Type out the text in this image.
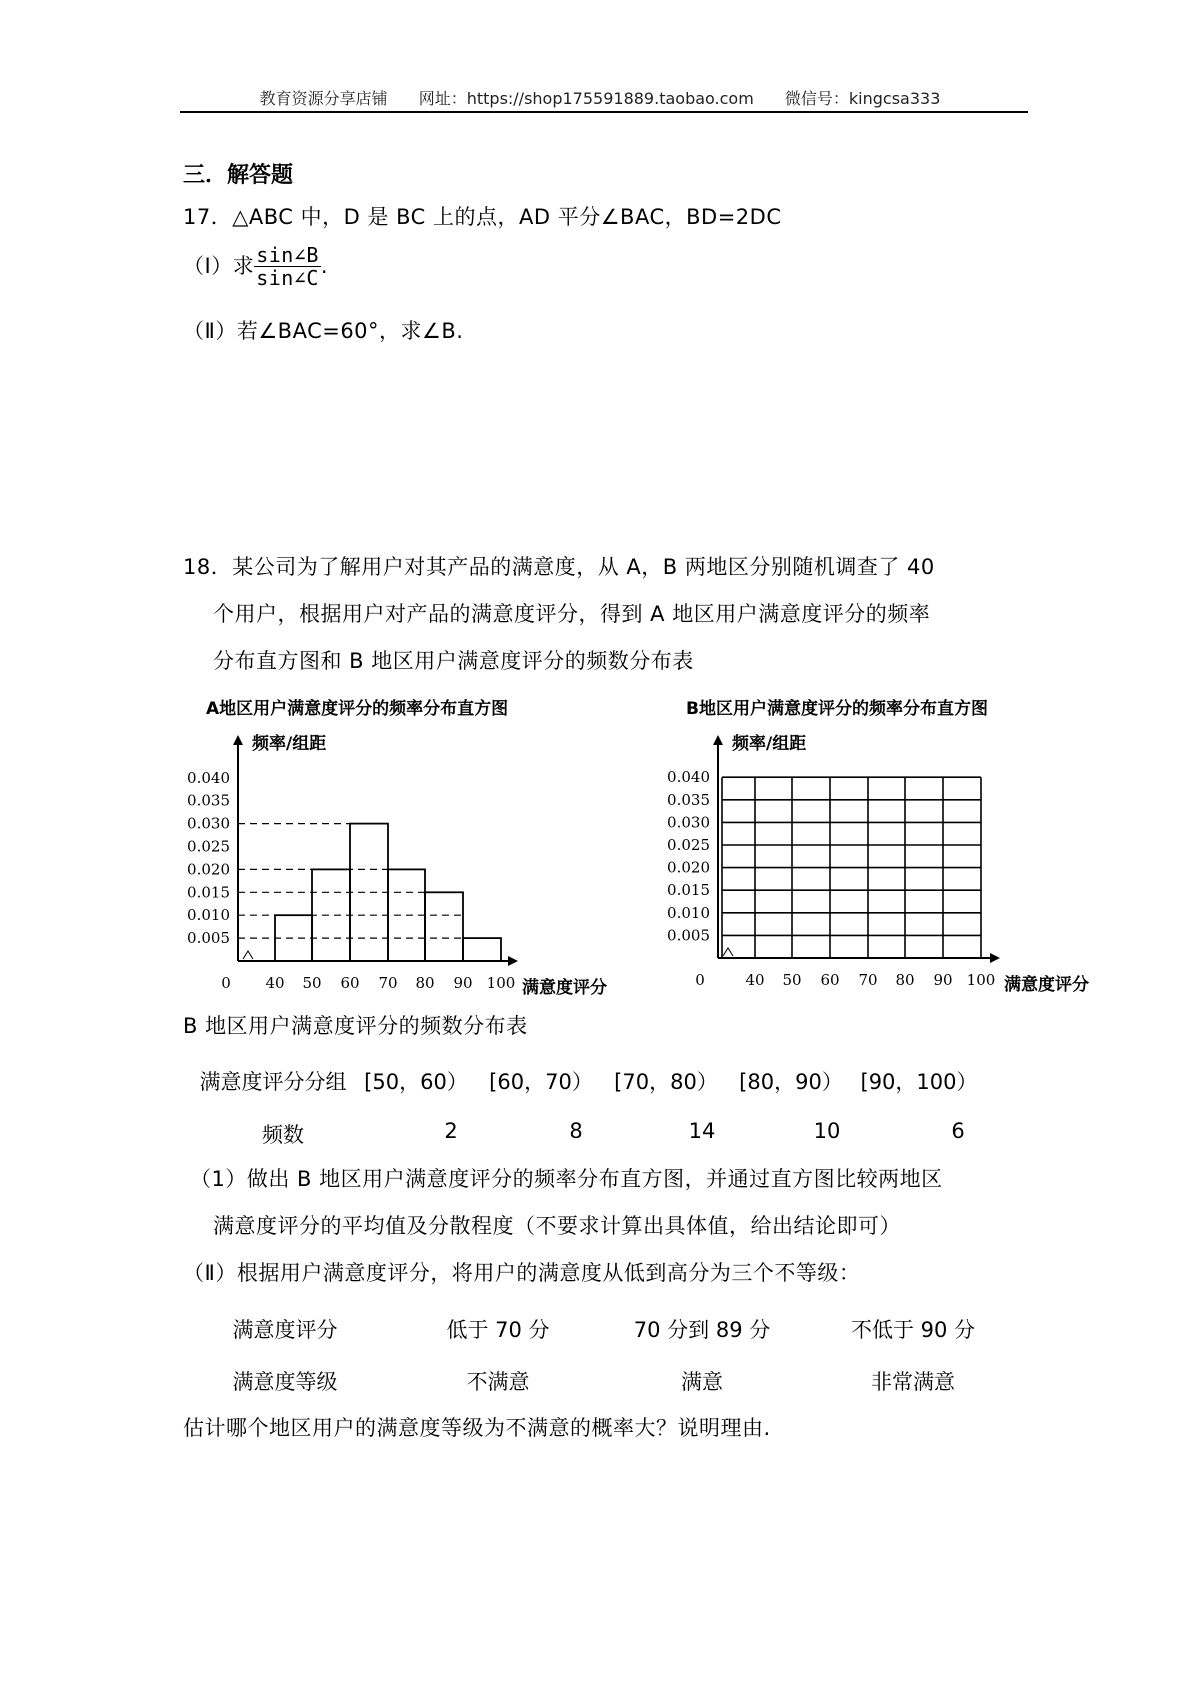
教育资源分享店铺 网址：https://shop175591889.taobao.com 微信号：kingcsa333
三．解答题
17．△ABC 中，D 是 BC 上的点，AD 平分∠BAC，BD=2DC
（Ⅰ）求 $\frac{\sin\angle B}{\sin\angle C}$ .
（Ⅱ）若∠BAC=60°，求∠B.
18．某公司为了解用户对其产品的满意度，从 A，B 两地区分别随机调查了 40
个用户，根据用户对产品的满意度评分，得到 A 地区用户满意度评分的频率
分布直方图和 B 地区用户满意度评分的频数分布表
A地区用户满意度评分的频率分布直方图
0.005
0.010
0.015
0.020
0.025
0.030
0.035
0.040
0 40 50 60 70 80 90 100
频率/组距
满意度评分
B地区用户满意度评分的频率分布直方图
0.005
0.010
0.015
0.020
0.025
0.030
0.035
0.040
0	40 50 60 70 80 90 100
频率/组距
满意度评分
B 地区用户满意度评分的频数分布表
满意度评分分组 [50，60） [60，70） [70，80） [80，90） [90，100）
频数	2	8	14	10	6
（1）做出 B 地区用户满意度评分的频率分布直方图，并通过直方图比较两地区
满意度评分的平均值及分散程度（不要求计算出具体值，给出结论即可）
（Ⅱ）根据用户满意度评分，将用户的满意度从低到高分为三个不等级：
满意度评分	低于 70 分	70 分到 89 分	不低于 90 分
满意度等级	不满意	满意	非常满意
估计哪个地区用户的满意度等级为不满意的概率大？说明理由.
